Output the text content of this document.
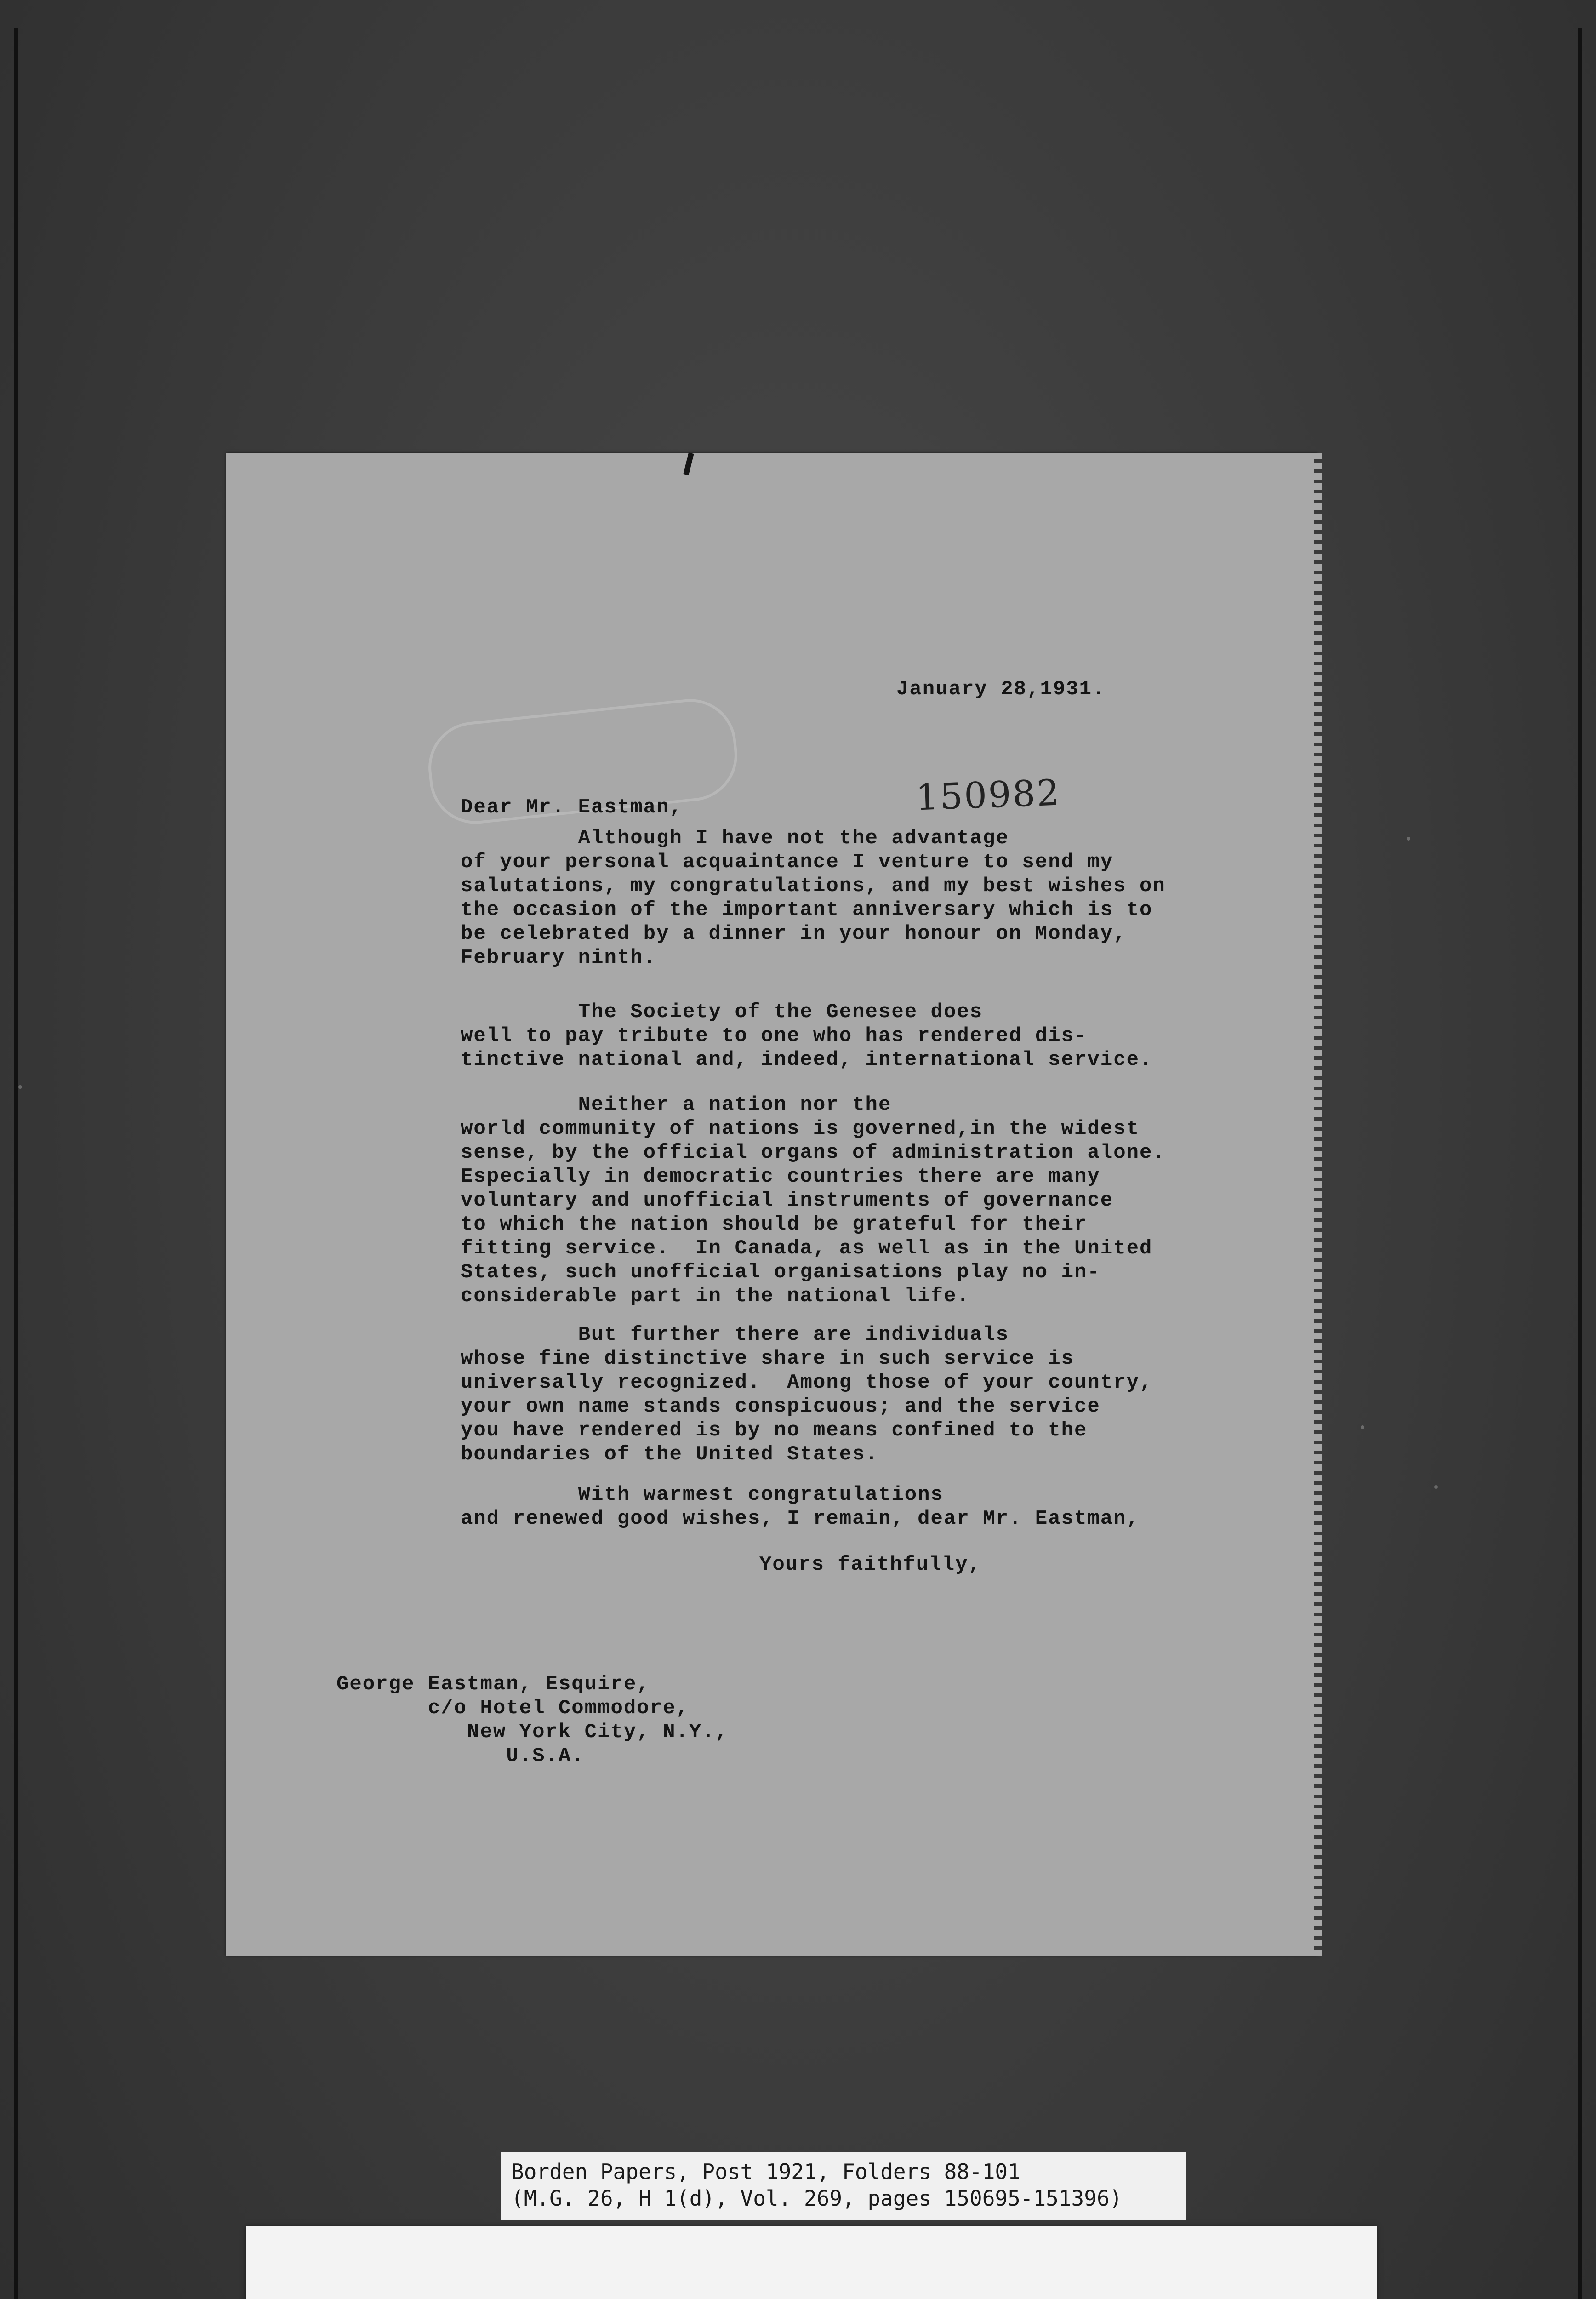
January 28,1931.
150982
Dear Mr. Eastman,
Although I have not the advantage
of your personal acquaintance I venture to send my
salutations, my congratulations, and my best wishes on
the occasion of the important anniversary which is to
be celebrated by a dinner in your honour on Monday,
February ninth.
The Society of the Genesee does
well to pay tribute to one who has rendered dis-
tinctive national and, indeed, international service.
Neither a nation nor the
world community of nations is governed,in the widest
sense, by the official organs of administration alone.
Especially in democratic countries there are many
voluntary and unofficial instruments of governance
to which the nation should be grateful for their
fitting service.  In Canada, as well as in the United
States, such unofficial organisations play no in-
considerable part in the national life.
But further there are individuals
whose fine distinctive share in such service is
universally recognized.  Among those of your country,
your own name stands conspicuous; and the service
you have rendered is by no means confined to the
boundaries of the United States.
With warmest congratulations
and renewed good wishes, I remain, dear Mr. Eastman,
Yours faithfully,
George Eastman, Esquire,
c/o Hotel Commodore,
New York City, N.Y.,
U.S.A.
Borden Papers, Post 1921, Folders 88-101
(M.G. 26, H 1(d), Vol. 269, pages 150695-151396)
